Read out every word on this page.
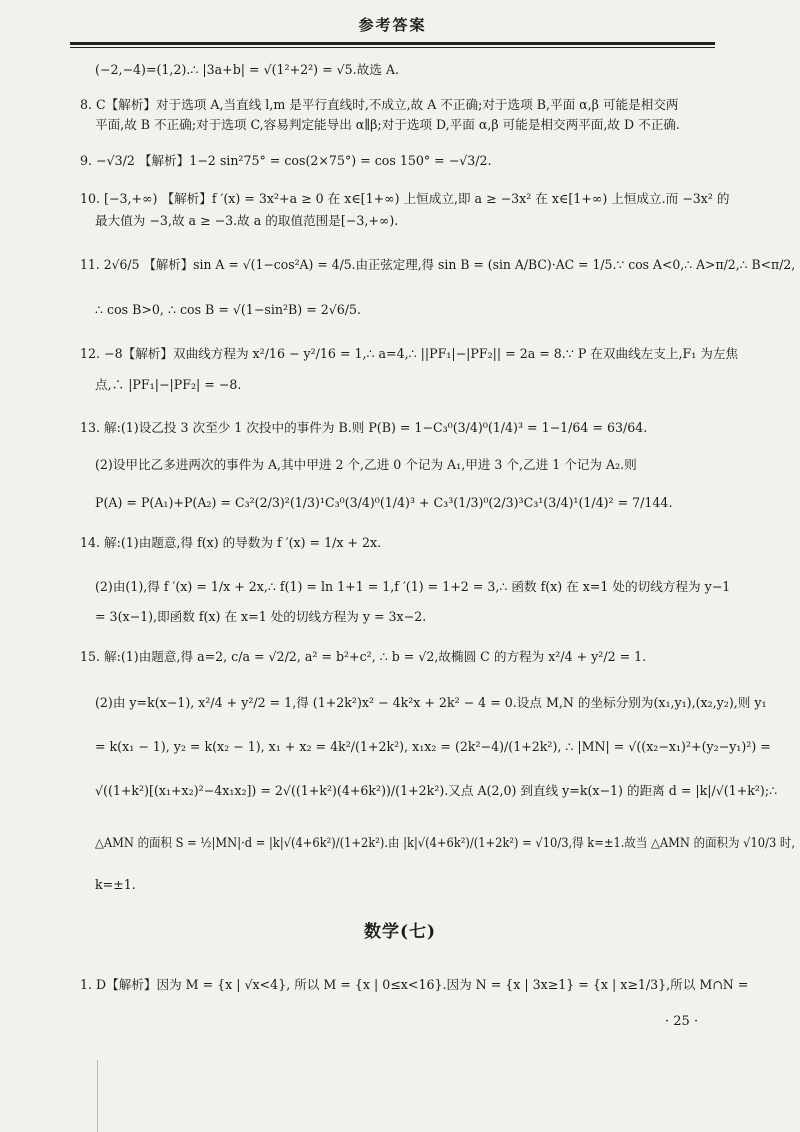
参考答案
(−2,−4)=(1,2).∴ |3a+b| = √(1²+2²) = √5.故选 A.
8. C【解析】对于选项 A,当直线 l,m 是平行直线时,不成立,故 A 不正确;对于选项 B,平面 α,β 可能是相交两
平面,故 B 不正确;对于选项 C,容易判定能导出 α∥β;对于选项 D,平面 α,β 可能是相交两平面,故 D 不正确.
9. −√3/2 【解析】1−2 sin²75° = cos(2×75°) = cos 150° = −√3/2.
10. [−3,+∞) 【解析】f ′(x) = 3x²+a ≥ 0 在 x∈[1+∞) 上恒成立,即 a ≥ −3x² 在 x∈[1+∞) 上恒成立.而 −3x² 的
最大值为 −3,故 a ≥ −3.故 a 的取值范围是[−3,+∞).
11. 2√6/5 【解析】sin A = √(1−cos²A) = 4/5.由正弦定理,得 sin B = (sin A/BC)·AC = 1/5.∵ cos A<0,∴ A>π/2,∴ B<π/2,
∴ cos B>0, ∴ cos B = √(1−sin²B) = 2√6/5.
12. −8【解析】双曲线方程为 x²/16 − y²/16 = 1,∴ a=4,∴ ||PF₁|−|PF₂|| = 2a = 8.∵ P 在双曲线左支上,F₁ 为左焦
点,∴ |PF₁|−|PF₂| = −8.
13. 解:(1)设乙投 3 次至少 1 次投中的事件为 B.则 P(B) = 1−C₃⁰(3/4)⁰(1/4)³ = 1−1/64 = 63/64.
(2)设甲比乙多进两次的事件为 A,其中甲进 2 个,乙进 0 个记为 A₁,甲进 3 个,乙进 1 个记为 A₂.则
P(A) = P(A₁)+P(A₂) = C₃²(2/3)²(1/3)¹C₃⁰(3/4)⁰(1/4)³ + C₃³(1/3)⁰(2/3)³C₃¹(3/4)¹(1/4)² = 7/144.
14. 解:(1)由题意,得 f(x) 的导数为 f ′(x) = 1/x + 2x.
(2)由(1),得 f ′(x) = 1/x + 2x,∴ f(1) = ln 1+1 = 1,f ′(1) = 1+2 = 3,∴ 函数 f(x) 在 x=1 处的切线方程为 y−1
= 3(x−1),即函数 f(x) 在 x=1 处的切线方程为 y = 3x−2.
15. 解:(1)由题意,得 a=2, c/a = √2/2, a² = b²+c², ∴ b = √2,故椭圆 C 的方程为 x²/4 + y²/2 = 1.
(2)由 y=k(x−1), x²/4 + y²/2 = 1,得 (1+2k²)x² − 4k²x + 2k² − 4 = 0.设点 M,N 的坐标分别为(x₁,y₁),(x₂,y₂),则 y₁
= k(x₁ − 1), y₂ = k(x₂ − 1), x₁ + x₂ = 4k²/(1+2k²), x₁x₂ = (2k²−4)/(1+2k²), ∴ |MN| = √((x₂−x₁)²+(y₂−y₁)²) =
√((1+k²)[(x₁+x₂)²−4x₁x₂]) = 2√((1+k²)(4+6k²))/(1+2k²).又点 A(2,0) 到直线 y=k(x−1) 的距离 d = |k|/√(1+k²);∴
△AMN 的面积 S = ½|MN|·d = |k|√(4+6k²)/(1+2k²).由 |k|√(4+6k²)/(1+2k²) = √10/3,得 k=±1.故当 △AMN 的面积为 √10/3 时,
k=±1.
数学(七)
1. D【解析】因为 M = {x | √x<4}, 所以 M = {x | 0≤x<16}.因为 N = {x | 3x≥1} = {x | x≥1/3},所以 M∩N =
· 25 ·
